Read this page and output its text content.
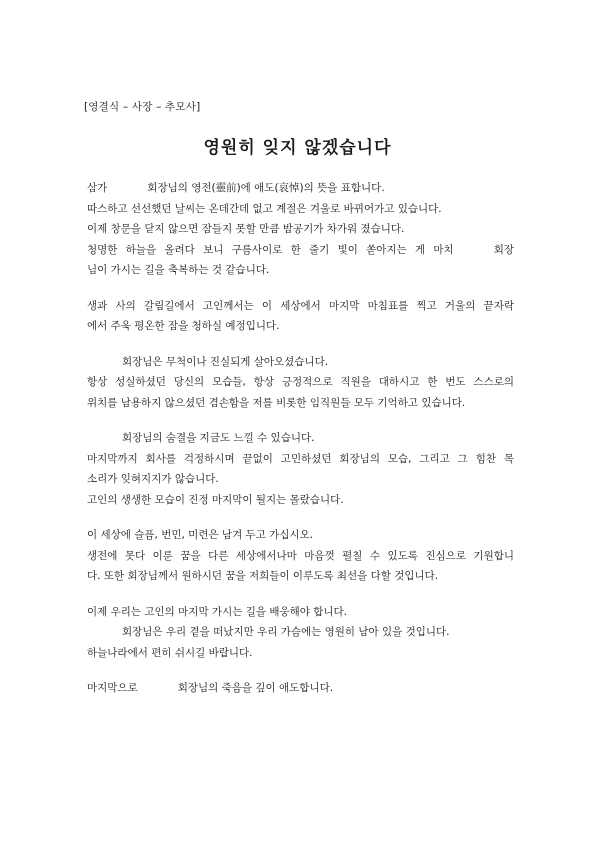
[영결식 – 사장 – 추모사]
영원히 잊지 않겠습니다
삼가	회장님의 영전(靈前)에 애도(哀悼)의 뜻을 표합니다.
따스하고 선선했던 날씨는 온데간데 없고 계절은 겨울로 바뀌어가고 있습니다.
이제 창문을 닫지 않으면 잠들지 못할 만큼 밤공기가 차가워 졌습니다.
청명한 하늘을 올려다 보니 구름사이로 한 줄기 빛이 쏟아지는 게 마치	회장
님이 가시는 길을 축복하는 것 같습니다.
생과 사의 갈림길에서 고인께서는 이 세상에서 마지막 마침표를 찍고 거울의 끝자락
에서 주욱 평온한 잠을 청하실 예정입니다.
회장님은 무척이나 진실되게 살아오셨습니다.
항상 성실하셨던 당신의 모습들, 항상 긍정적으로 직원을 대하시고 한 번도 스스로의
위치를 남용하지 않으셨던 겸손함을 저를 비롯한 임직원들 모두 기억하고 있습니다.
회장님의 숨결을 지금도 느낄 수 있습니다.
마지막까지 회사를 걱정하시며 끝없이 고민하셨던 회장님의 모습, 그리고 그 힘찬 목
소리가 잊혀지지가 않습니다.
고인의 생생한 모습이 진정 마지막이 될지는 몰랐습니다.
이 세상에 슬픔, 번민, 미련은 남겨 두고 가십시오.
생전에 못다 이룬 꿈을 다른 세상에서나마 마음껏 펼칠 수 있도록 진심으로 기원합니
다. 또한 회장님께서 원하시던 꿈을 저희들이 이루도록 최선을 다할 것입니다.
이제 우리는 고인의 마지막 가시는 길을 배웅해야 합니다.
회장님은 우리 곁을 떠났지만 우리 가슴에는 영원히 남아 있을 것입니다.
하늘나라에서 편히 쉬시길 바랍니다.
마지막으로	회장님의 죽음을 깊이 애도합니다.
